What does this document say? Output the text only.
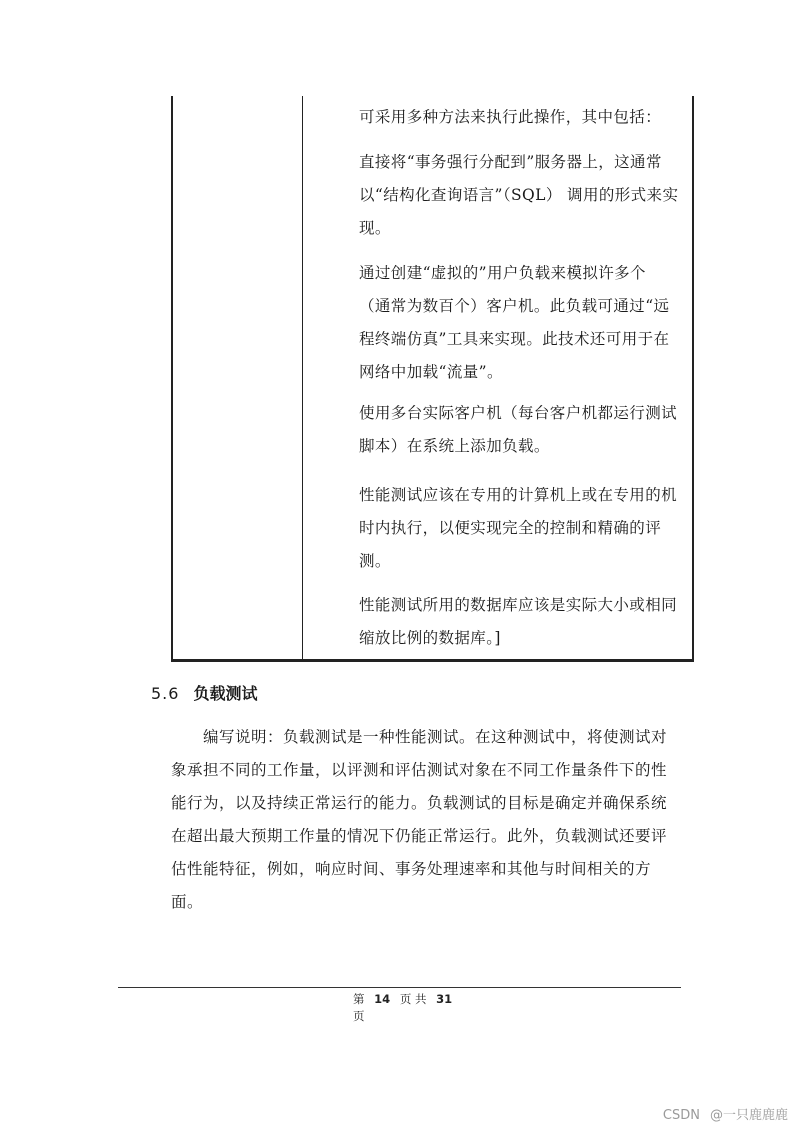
可采用多种方法来执行此操作，其中包括：

直接将“事务强行分配到”服务器上，这通常

以“结构化查询语言”（SQL） 调用的形式来实

现。

通过创建“虚拟的”用户负载来模拟许多个

（通常为数百个）客户机。此负载可通过“远

程终端仿真”工具来实现。此技术还可用于在

网络中加载“流量”。

使用多台实际客户机（每台客户机都运行测试

脚本）在系统上添加负载。

性能测试应该在专用的计算机上或在专用的机

时内执行，以便实现完全的控制和精确的评

测。

性能测试所用的数据库应该是实际大小或相同

缩放比例的数据库。]

5.6 负载测试
编写说明：负载测试是一种性能测试。在这种测试中，将使测试对
象承担不同的工作量，以评测和评估测试对象在不同工作量条件下的性
能行为，以及持续正常运行的能力。负载测试的目标是确定并确保系统
在超出最大预期工作量的情况下仍能正常运行。此外，负载测试还要评
估性能特征，例如，响应时间、事务处理速率和其他与时间相关的方
面。
第 14 页 共 31
页
CSDN @一只鹿鹿鹿
